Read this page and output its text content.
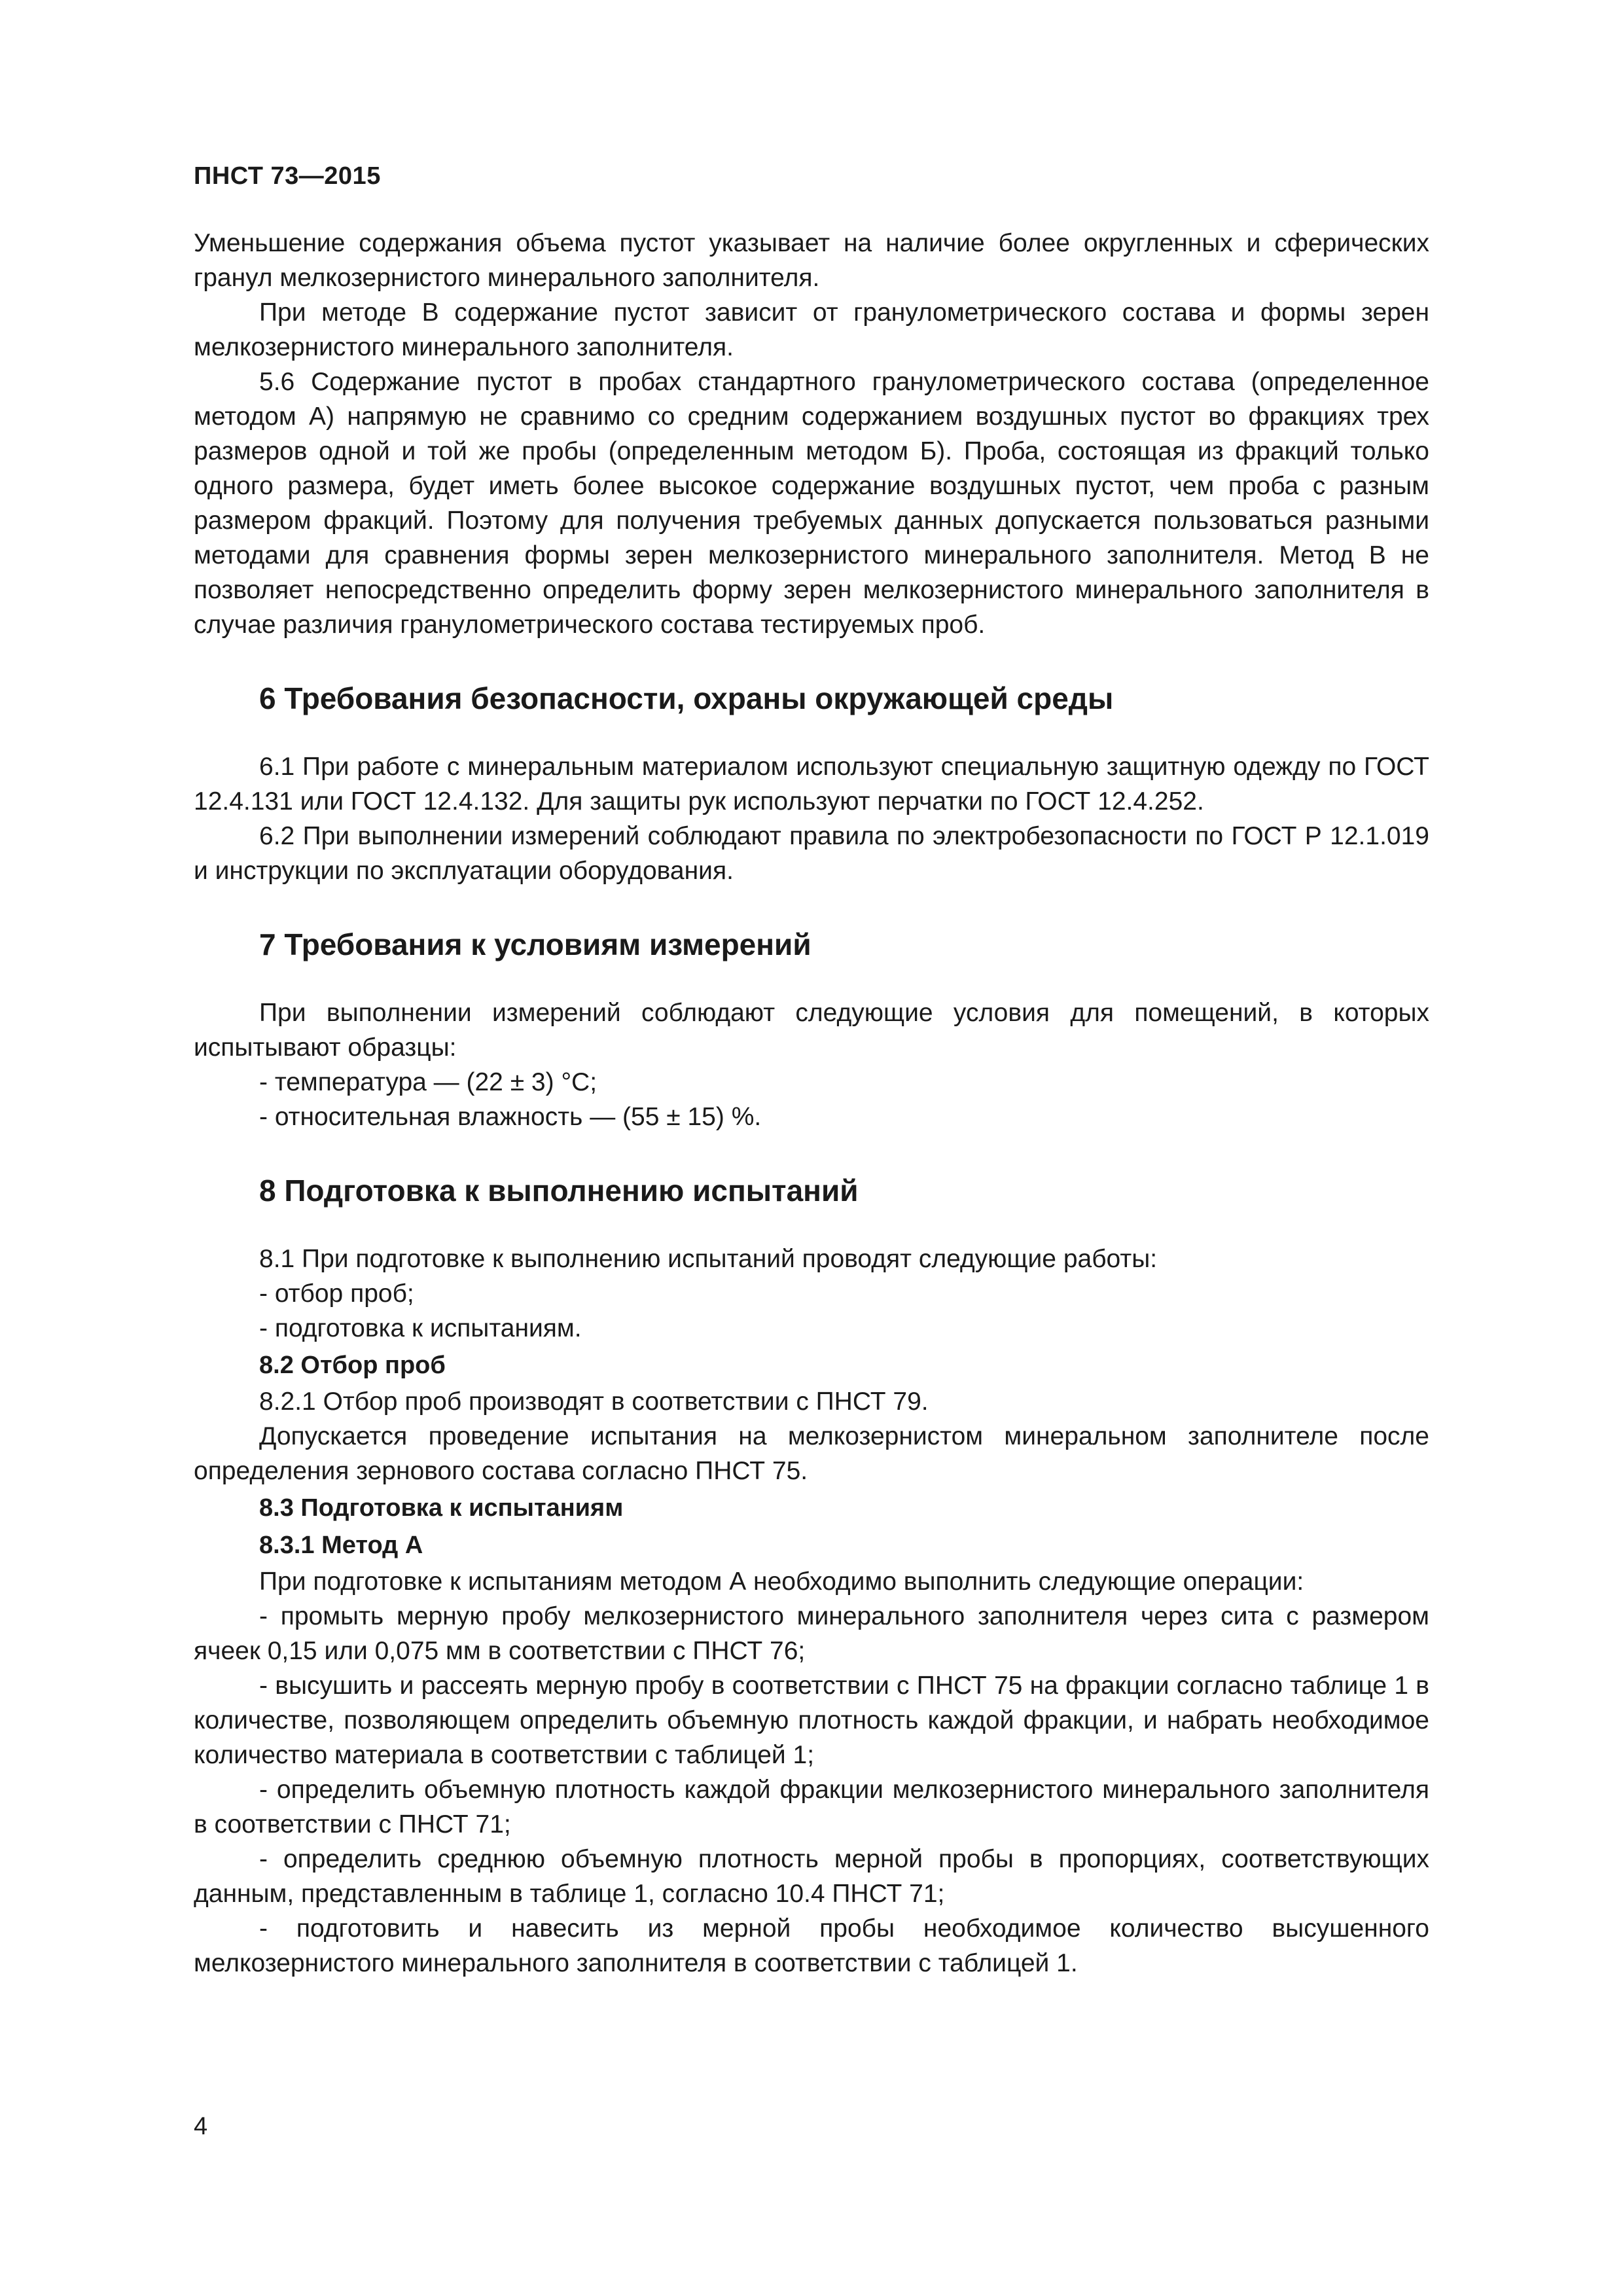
ПНСТ 73—2015

Уменьшение содержания объема пустот указывает на наличие более округленных и сферических гранул мелкозернистого минерального заполнителя.

При методе В содержание пустот зависит от гранулометрического состава и формы зерен мелкозернистого минерального заполнителя.

5.6 Содержание пустот в пробах стандартного гранулометрического состава (определенное методом А) напрямую не сравнимо со средним содержанием воздушных пустот во фракциях трех размеров одной и той же пробы (определенным методом Б). Проба, состоящая из фракций только одного размера, будет иметь более высокое содержание воздушных пустот, чем проба с разным размером фракций. Поэтому для получения требуемых данных допускается пользоваться разными методами для сравнения формы зерен мелкозернистого минерального заполнителя. Метод В не позволяет непосредственно определить форму зерен мелкозернистого минерального заполнителя в случае различия гранулометрического состава тестируемых проб.

6 Требования безопасности, охраны окружающей среды

6.1 При работе с минеральным материалом используют специальную защитную одежду по ГОСТ 12.4.131 или ГОСТ 12.4.132. Для защиты рук используют перчатки по ГОСТ 12.4.252.

6.2 При выполнении измерений соблюдают правила по электробезопасности по ГОСТ Р 12.1.019 и инструкции по эксплуатации оборудования.

7 Требования к условиям измерений

При выполнении измерений соблюдают следующие условия для помещений, в которых испытывают образцы:

- температура — (22 ± 3) °С;

- относительная влажность — (55 ± 15) %.

8 Подготовка к выполнению испытаний

8.1 При подготовке к выполнению испытаний проводят следующие работы:

- отбор проб;

- подготовка к испытаниям.

8.2 Отбор проб

8.2.1 Отбор проб производят в соответствии с ПНСТ 79.

Допускается проведение испытания на мелкозернистом минеральном заполнителе после определения зернового состава согласно ПНСТ 75.

8.3 Подготовка к испытаниям
8.3.1 Метод А

При подготовке к испытаниям методом А необходимо выполнить следующие операции:

- промыть мерную пробу мелкозернистого минерального заполнителя через сита с размером ячеек 0,15 или 0,075 мм в соответствии с ПНСТ 76;

- высушить и рассеять мерную пробу в соответствии с ПНСТ 75 на фракции согласно таблице 1 в количестве, позволяющем определить объемную плотность каждой фракции, и набрать необходимое количество материала в соответствии с таблицей 1;

- определить объемную плотность каждой фракции мелкозернистого минерального заполнителя в соответствии с ПНСТ 71;

- определить среднюю объемную плотность мерной пробы в пропорциях, соответствующих данным, представленным в таблице 1, согласно 10.4 ПНСТ 71;

- подготовить и навесить из мерной пробы необходимое количество высушенного мелкозернистого минерального заполнителя в соответствии с таблицей 1.

4
